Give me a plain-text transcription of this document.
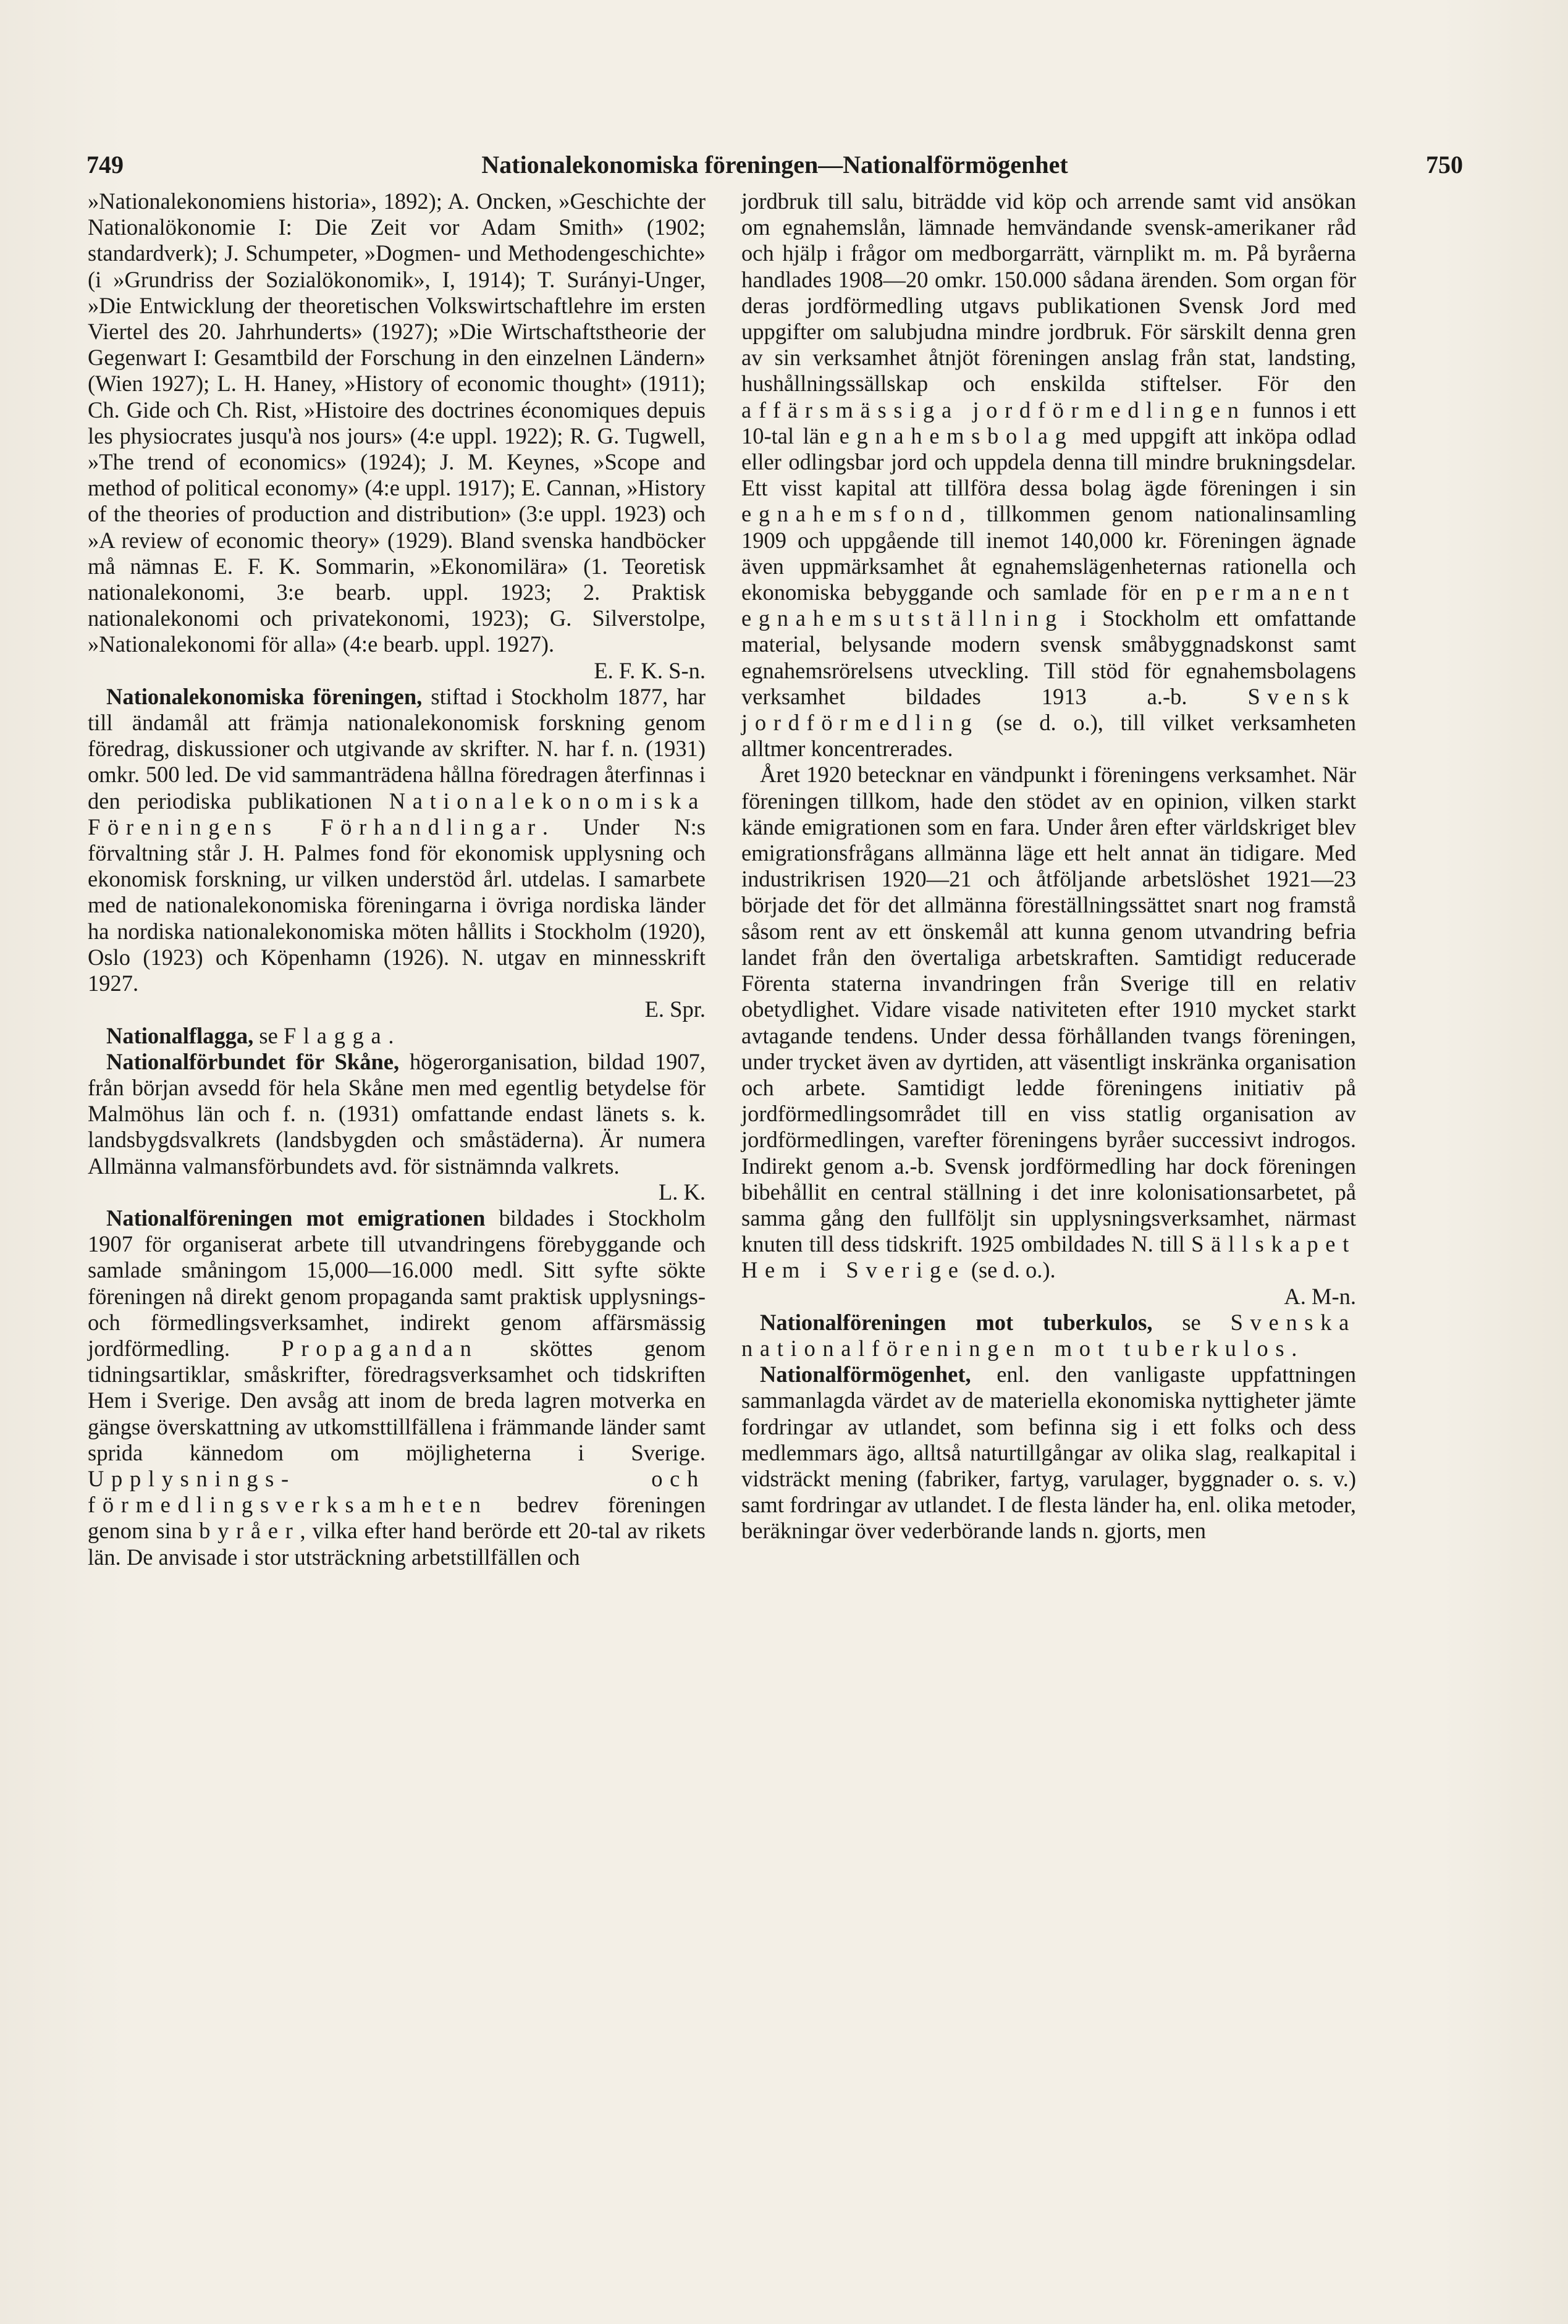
749	Nationalekonomiska föreningen—Nationalförmögenhet	750

»Nationalekonomiens historia», 1892); A. Oncken, »Geschichte der Nationalökonomie I: Die Zeit vor Adam Smith» (1902; standardverk); J. Schumpeter, »Dogmen- und Methodengeschichte» (i »Grundriss der Sozialökonomik», I, 1914); T. Surányi-Unger, »Die Entwicklung der theoretischen Volkswirtschaftlehre im ersten Viertel des 20. Jahrhunderts» (1927); »Die Wirtschaftstheorie der Gegenwart I: Gesamtbild der Forschung in den einzelnen Ländern» (Wien 1927); L. H. Haney, »History of economic thought» (1911); Ch. Gide och Ch. Rist, »Histoire des doctrines économiques depuis les physiocrates jusqu'à nos jours» (4:e uppl. 1922); R. G. Tugwell, »The trend of economics» (1924); J. M. Keynes, »Scope and method of political economy» (4:e uppl. 1917); E. Cannan, »History of the theories of production and distribution» (3:e uppl. 1923) och »A review of economic theory» (1929). Bland svenska handböcker må nämnas E. F. K. Sommarin, »Ekonomilära» (1. Teoretisk nationalekonomi, 3:e bearb. uppl. 1923; 2. Praktisk nationalekonomi och privatekonomi, 1923); G. Silverstolpe, »Nationalekonomi för alla» (4:e bearb. uppl. 1927).
E. F. K. S-n.

Nationalekonomiska föreningen, stiftad i Stockholm 1877, har till ändamål att främja nationalekonomisk forskning genom föredrag, diskussioner och utgivande av skrifter. N. har f. n. (1931) omkr. 500 led. De vid sammanträdena hållna föredragen återfinnas i den periodiska publikationen Nationalekonomiska Föreningens Förhandlingar. Under N:s förvaltning står J. H. Palmes fond för ekonomisk upplysning och ekonomisk forskning, ur vilken understöd årl. utdelas. I samarbete med de nationalekonomiska föreningarna i övriga nordiska länder ha nordiska nationalekonomiska möten hållits i Stockholm (1920), Oslo (1923) och Köpenhamn (1926). N. utgav en minnesskrift 1927.
E. Spr.

Nationalflagga, se Flagga.

Nationalförbundet för Skåne, högerorganisation, bildad 1907, från början avsedd för hela Skåne men med egentlig betydelse för Malmöhus län och f. n. (1931) omfattande endast länets s. k. landsbygdsvalkrets (landsbygden och småstäderna). Är numera Allmänna valmansförbundets avd. för sistnämnda valkrets.
L. K.

Nationalföreningen mot emigrationen bildades i Stockholm 1907 för organiserat arbete till utvandringens förebyggande och samlade småningom 15,000—16.000 medl. Sitt syfte sökte föreningen nå direkt genom propaganda samt praktisk upplysnings- och förmedlingsverksamhet, indirekt genom affärsmässig jordförmedling. Propagandan sköttes genom tidningsartiklar, småskrifter, föredragsverksamhet och tidskriften Hem i Sverige. Den avsåg att inom de breda lagren motverka en gängse överskattning av utkomsttillfällena i främmande länder samt sprida kännedom om möjligheterna i Sverige. Upplysnings- och förmedlingsverksamheten bedrev föreningen genom sina byråer, vilka efter hand berörde ett 20-tal av rikets län. De anvisade i stor utsträckning arbetstillfällen och

jordbruk till salu, biträdde vid köp och arrende samt vid ansökan om egnahemslån, lämnade hemvändande svensk-amerikaner råd och hjälp i frågor om medborgarrätt, värnplikt m. m. På byråerna handlades 1908—20 omkr. 150.000 sådana ärenden. Som organ för deras jordförmedling utgavs publikationen Svensk Jord med uppgifter om salubjudna mindre jordbruk. För särskilt denna gren av sin verksamhet åtnjöt föreningen anslag från stat, landsting, hushållningssällskap och enskilda stiftelser. För den affärsmässiga jordförmedlingen funnos i ett 10-tal län egnahemsbolag med uppgift att inköpa odlad eller odlingsbar jord och uppdela denna till mindre brukningsdelar. Ett visst kapital att tillföra dessa bolag ägde föreningen i sin egnahemsfond, tillkommen genom nationalinsamling 1909 och uppgående till inemot 140,000 kr. Föreningen ägnade även uppmärksamhet åt egnahemslägenheternas rationella och ekonomiska bebyggande och samlade för en permanent egnahemsutställning i Stockholm ett omfattande material, belysande modern svensk småbyggnadskonst samt egnahemsrörelsens utveckling. Till stöd för egnahemsbolagens verksamhet bildades 1913 a.-b. Svensk jordförmedling (se d. o.), till vilket verksamheten alltmer koncentrerades.

Året 1920 betecknar en vändpunkt i föreningens verksamhet. När föreningen tillkom, hade den stödet av en opinion, vilken starkt kände emigrationen som en fara. Under åren efter världskriget blev emigrationsfrågans allmänna läge ett helt annat än tidigare. Med industrikrisen 1920—21 och åtföljande arbetslöshet 1921—23 började det för det allmänna föreställningssättet snart nog framstå såsom rent av ett önskemål att kunna genom utvandring befria landet från den övertaliga arbetskraften. Samtidigt reducerade Förenta staterna invandringen från Sverige till en relativ obetydlighet. Vidare visade nativiteten efter 1910 mycket starkt avtagande tendens. Under dessa förhållanden tvangs föreningen, under trycket även av dyrtiden, att väsentligt inskränka organisation och arbete. Samtidigt ledde föreningens initiativ på jordförmedlingsområdet till en viss statlig organisation av jordförmedlingen, varefter föreningens byråer successivt indrogos. Indirekt genom a.-b. Svensk jordförmedling har dock föreningen bibehållit en central ställning i det inre kolonisationsarbetet, på samma gång den fullföljt sin upplysningsverksamhet, närmast knuten till dess tidskrift. 1925 ombildades N. till Sällskapet Hem i Sverige (se d. o.).
A. M-n.

Nationalföreningen mot tuberkulos, se Svenska nationalföreningen mot tuberkulos.

Nationalförmögenhet, enl. den vanligaste uppfattningen sammanlagda värdet av de materiella ekonomiska nyttigheter jämte fordringar av utlandet, som befinna sig i ett folks och dess medlemmars ägo, alltså naturtillgångar av olika slag, realkapital i vidsträckt mening (fabriker, fartyg, varulager, byggnader o. s. v.) samt fordringar av utlandet. I de flesta länder ha, enl. olika metoder, beräkningar över vederbörande lands n. gjorts, men
